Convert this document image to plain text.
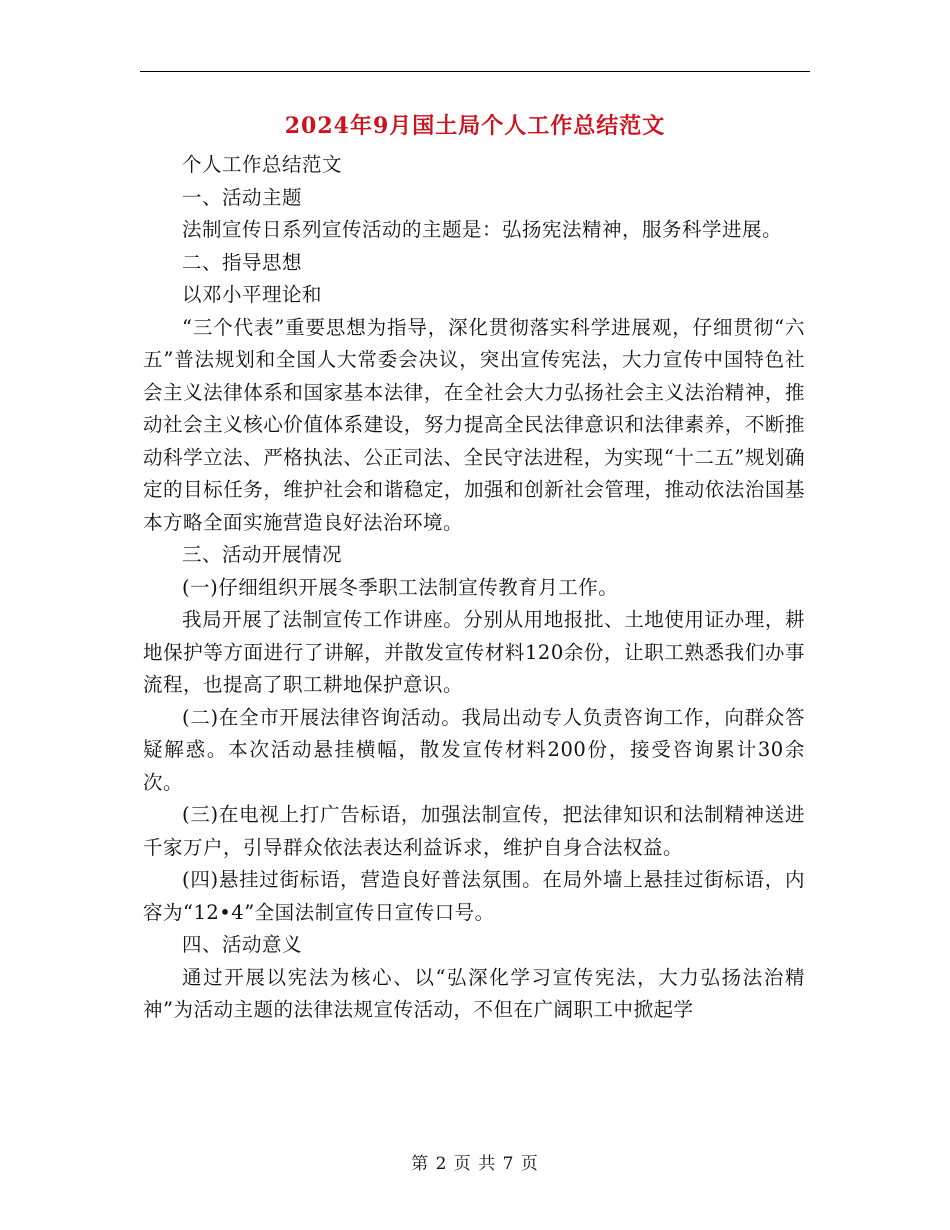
2024年9月国土局个人工作总结范文

个人工作总结范文

一、活动主题

法制宣传日系列宣传活动的主题是：弘扬宪法精神，服务科学进展。

二、指导思想

以邓小平理论和

“三个代表”重要思想为指导，深化贯彻落实科学进展观，仔细贯彻“六五”普法规划和全国人大常委会决议，突出宣传宪法，大力宣传中国特色社会主义法律体系和国家基本法律，在全社会大力弘扬社会主义法治精神，推动社会主义核心价值体系建设，努力提高全民法律意识和法律素养，不断推动科学立法、严格执法、公正司法、全民守法进程，为实现“十二五”规划确定的目标任务，维护社会和谐稳定，加强和创新社会管理，推动依法治国基本方略全面实施营造良好法治环境。

三、活动开展情况

(一)仔细组织开展冬季职工法制宣传教育月工作。

我局开展了法制宣传工作讲座。分别从用地报批、土地使用证办理，耕地保护等方面进行了讲解，并散发宣传材料120余份，让职工熟悉我们办事流程，也提高了职工耕地保护意识。

(二)在全市开展法律咨询活动。我局出动专人负责咨询工作，向群众答疑解惑。本次活动悬挂横幅，散发宣传材料200份，接受咨询累计30余次。

(三)在电视上打广告标语，加强法制宣传，把法律知识和法制精神送进千家万户，引导群众依法表达利益诉求，维护自身合法权益。

(四)悬挂过街标语，营造良好普法氛围。在局外墙上悬挂过街标语，内容为“12•4”全国法制宣传日宣传口号。

四、活动意义

通过开展以宪法为核心、以“弘深化学习宣传宪法，大力弘扬法治精神”为活动主题的法律法规宣传活动，不但在广阔职工中掀起学

第 2 页 共 7 页
